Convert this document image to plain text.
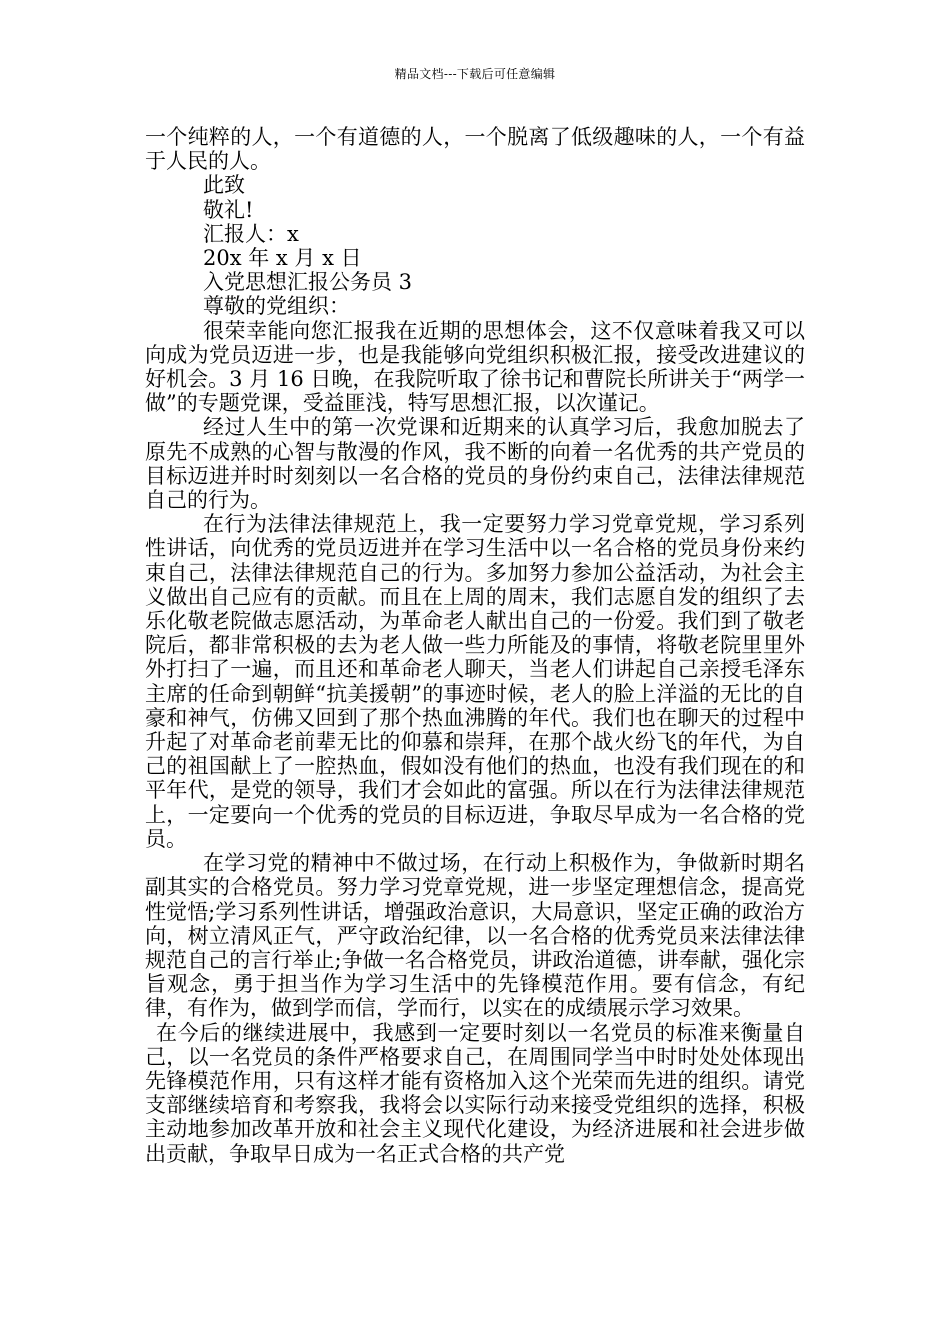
精品文档---下载后可任意编辑

一个纯粹的人，一个有道德的人，一个脱离了低级趣味的人，一个有益于人民的人。

此致

敬礼!

汇报人：x

20x 年 x 月 x 日

入党思想汇报公务员 3

尊敬的党组织：

很荣幸能向您汇报我在近期的思想体会，这不仅意味着我又可以向成为党员迈进一步，也是我能够向党组织积极汇报，接受改进建议的好机会。3 月 16 日晚，在我院听取了徐书记和曹院长所讲关于“两学一做”的专题党课，受益匪浅，特写思想汇报，以次谨记。

经过人生中的第一次党课和近期来的认真学习后，我愈加脱去了原先不成熟的心智与散漫的作风，我不断的向着一名优秀的共产党员的目标迈进并时时刻刻以一名合格的党员的身份约束自己，法律法律规范自己的行为。

在行为法律法律规范上，我一定要努力学习党章党规，学习系列性讲话，向优秀的党员迈进并在学习生活中以一名合格的党员身份来约束自己，法律法律规范自己的行为。多加努力参加公益活动，为社会主义做出自己应有的贡献。而且在上周的周末，我们志愿自发的组织了去乐化敬老院做志愿活动，为革命老人献出自己的一份爱。我们到了敬老院后，都非常积极的去为老人做一些力所能及的事情，将敬老院里里外外打扫了一遍，而且还和革命老人聊天，当老人们讲起自己亲授毛泽东主席的任命到朝鲜“抗美援朝”的事迹时候，老人的脸上洋溢的无比的自豪和神气，仿佛又回到了那个热血沸腾的年代。我们也在聊天的过程中升起了对革命老前辈无比的仰慕和崇拜，在那个战火纷飞的年代，为自己的祖国献上了一腔热血，假如没有他们的热血，也没有我们现在的和平年代，是党的领导，我们才会如此的富强。所以在行为法律法律规范上，一定要向一个优秀的党员的目标迈进，争取尽早成为一名合格的党员。

在学习党的精神中不做过场，在行动上积极作为，争做新时期名副其实的合格党员。努力学习党章党规，进一步坚定理想信念，提高党性觉悟;学习系列性讲话，增强政治意识，大局意识，坚定正确的政治方向，树立清风正气，严守政治纪律，以一名合格的优秀党员来法律法律规范自己的言行举止;争做一名合格党员，讲政治道德，讲奉献，强化宗旨观念，勇于担当作为学习生活中的先锋模范作用。要有信念，有纪律，有作为，做到学而信，学而行，以实在的成绩展示学习效果。

在今后的继续进展中，我感到一定要时刻以一名党员的标准来衡量自己，以一名党员的条件严格要求自己，在周围同学当中时时处处体现出先锋模范作用，只有这样才能有资格加入这个光荣而先进的组织。请党支部继续培育和考察我，我将会以实际行动来接受党组织的选择，积极主动地参加改革开放和社会主义现代化建设，为经济进展和社会进步做出贡献，争取早日成为一名正式合格的共产党
